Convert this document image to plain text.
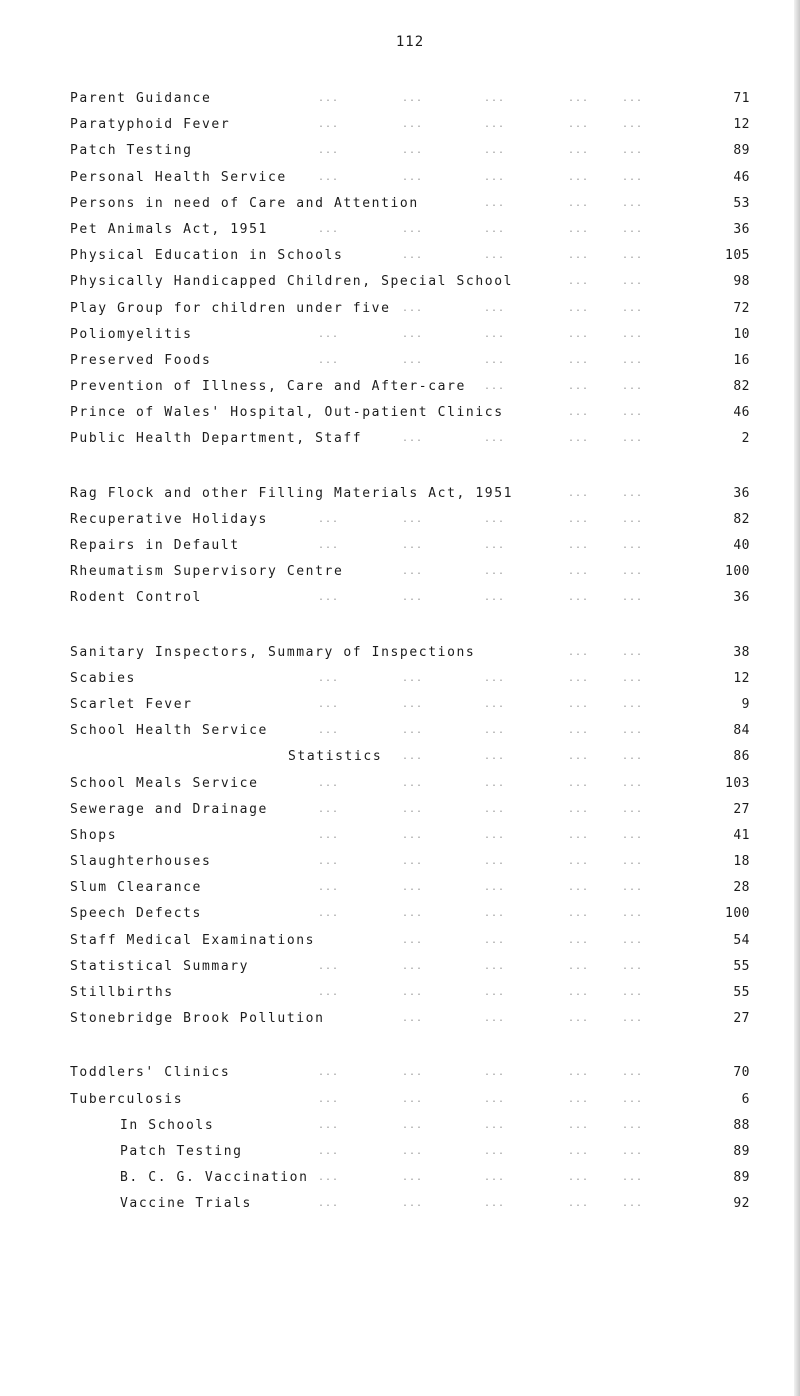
112
...	...	...	...	...
Parent Guidance	71
...	...	...	...	...
Paratyphoid Fever	12
...	...	...	...	...
Patch Testing	89
...	...	...	...	...
Personal Health Service	46
...	...	...
Persons in need of Care and Attention	53
...	...	...	...	...
Pet Animals Act, 1951	36
...	...	...	...
Physical Education in Schools	105
...	...
Physically Handicapped Children, Special School	98
...	...	...	...
Play Group for children under five	72
...	...	...	...	...
Poliomyelitis	10
...	...	...	...	...
Preserved Foods	16
...	...	...
Prevention of Illness, Care and After-care	82
...	...
Prince of Wales' Hospital, Out-patient Clinics	46
...	...	...	...
Public Health Department, Staff	2
...	...
Rag Flock and other Filling Materials Act, 1951	36
...	...	...	...	...
Recuperative Holidays	82
...	...	...	...	...
Repairs in Default	40
...	...	...	...
Rheumatism Supervisory Centre	100
...	...	...	...	...
Rodent Control	36
...	...
Sanitary Inspectors, Summary of Inspections	38
...	...	...	...	...
Scabies	12
...	...	...	...	...
Scarlet Fever	9
...	...	...	...	...
School Health Service	84
...	...	...	...
Statistics	86
...	...	...	...	...
School Meals Service	103
...	...	...	...	...
Sewerage and Drainage	27
...	...	...	...	...
Shops	41
...	...	...	...	...
Slaughterhouses	18
...	...	...	...	...
Slum Clearance	28
...	...	...	...	...
Speech Defects	100
...	...	...	...
Staff Medical Examinations	54
...	...	...	...	...
Statistical Summary	55
...	...	...	...	...
Stillbirths	55
...	...	...	...
Stonebridge Brook Pollution	27
...	...	...	...	...
Toddlers' Clinics	70
...	...	...	...	...
Tuberculosis	6
...	...	...	...	...
In Schools	88
...	...	...	...	...
Patch Testing	89
...	...	...	...	...
B. C. G. Vaccination	89
...	...	...	...	...
Vaccine Trials	92
